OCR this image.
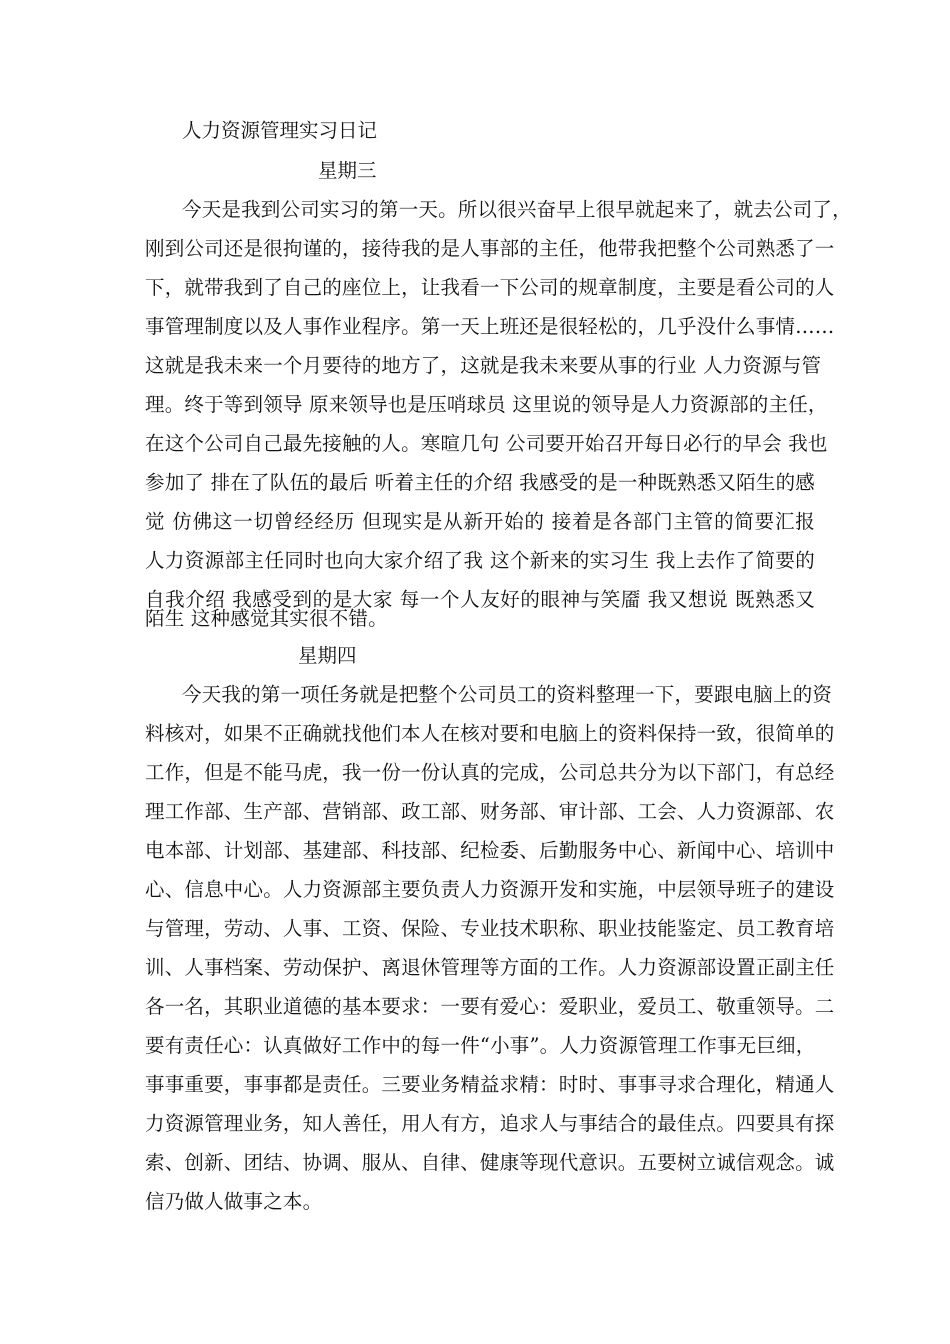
人力资源管理实习日记
星期三
今天是我到公司实习的第一天。所以很兴奋早上很早就起来了，就去公司了，
刚到公司还是很拘谨的，接待我的是人事部的主任，他带我把整个公司熟悉了一
下，就带我到了自己的座位上，让我看一下公司的规章制度，主要是看公司的人
事管理制度以及人事作业程序。第一天上班还是很轻松的，几乎没什么事情……
这就是我未来一个月要待的地方了，这就是我未来要从事的行业 人力资源与管
理。终于等到领导 原来领导也是压哨球员 这里说的领导是人力资源部的主任，
在这个公司自己最先接触的人。寒暄几句 公司要开始召开每日必行的早会 我也
参加了 排在了队伍的最后 听着主任的介绍 我感受的是一种既熟悉又陌生的感
觉 仿佛这一切曾经经历 但现实是从新开始的 接着是各部门主管的简要汇报
人力资源部主任同时也向大家介绍了我 这个新来的实习生 我上去作了简要的
自我介绍 我感受到的是大家 每一个人友好的眼神与笑靥 我又想说 既熟悉又
陌生 这种感觉其实很不错。
星期四
今天我的第一项任务就是把整个公司员工的资料整理一下，要跟电脑上的资
料核对，如果不正确就找他们本人在核对要和电脑上的资料保持一致，很简单的
工作，但是不能马虎，我一份一份认真的完成，公司总共分为以下部门，有总经
理工作部、生产部、营销部、政工部、财务部、审计部、工会、人力资源部、农
电本部、计划部、基建部、科技部、纪检委、后勤服务中心、新闻中心、培训中
心、信息中心。人力资源部主要负责人力资源开发和实施，中层领导班子的建设
与管理，劳动、人事、工资、保险、专业技术职称、职业技能鉴定、员工教育培
训、人事档案、劳动保护、离退休管理等方面的工作。人力资源部设置正副主任
各一名，其职业道德的基本要求：一要有爱心：爱职业，爱员工、敬重领导。二
要有责任心：认真做好工作中的每一件“小事”。人力资源管理工作事无巨细，
事事重要，事事都是责任。三要业务精益求精：时时、事事寻求合理化，精通人
力资源管理业务，知人善任，用人有方，追求人与事结合的最佳点。四要具有探
索、创新、团结、协调、服从、自律、健康等现代意识。五要树立诚信观念。诚
信乃做人做事之本。
